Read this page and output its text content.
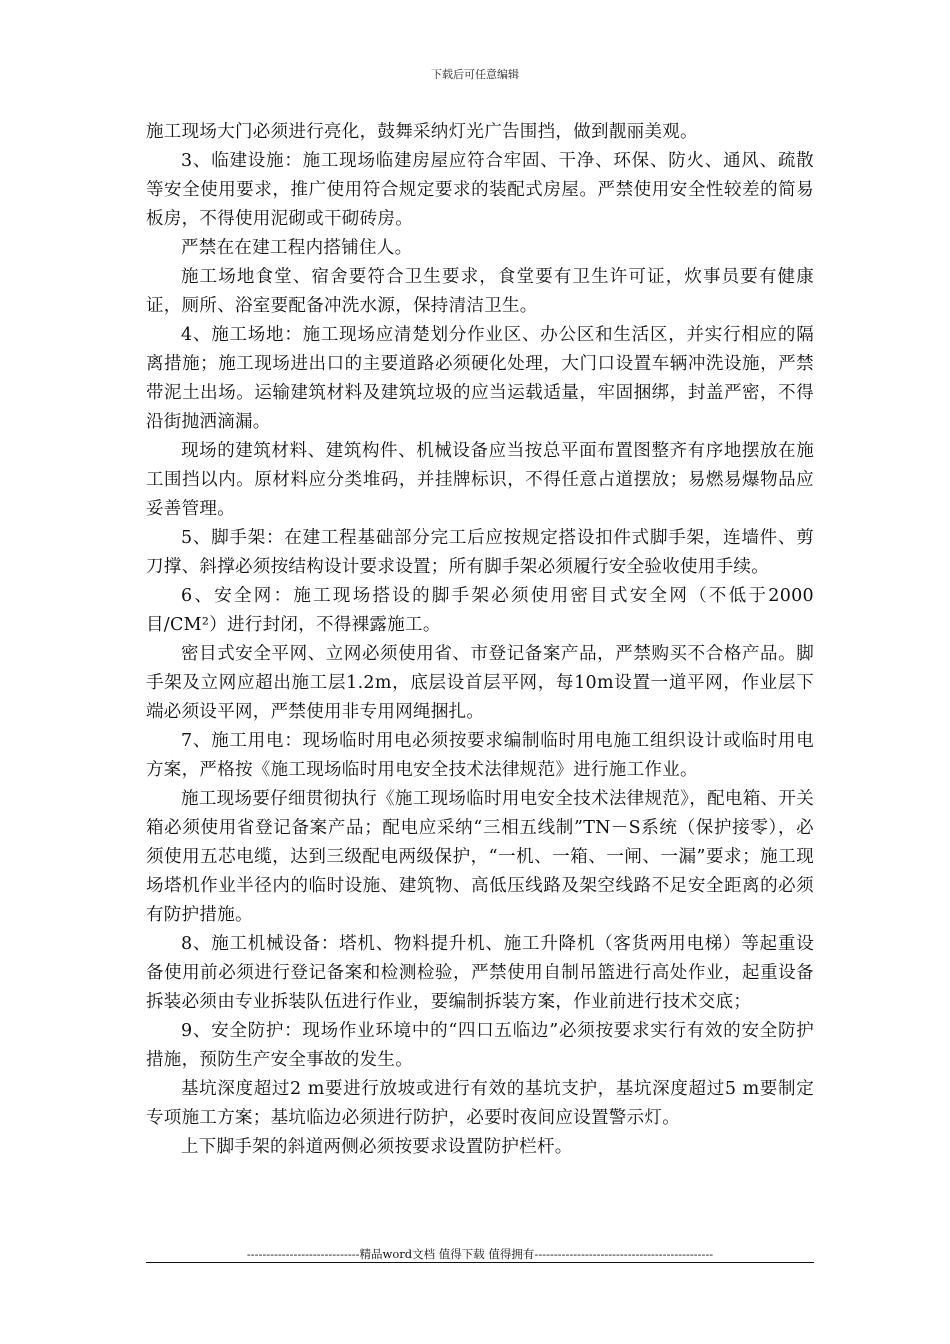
下载后可任意编辑

施工现场大门必须进行亮化，鼓舞采纳灯光广告围挡，做到靓丽美观。

3、临建设施：施工现场临建房屋应符合牢固、干净、环保、防火、通风、疏散等安全使用要求，推广使用符合规定要求的装配式房屋。严禁使用安全性较差的简易板房，不得使用泥砌或干砌砖房。

严禁在在建工程内搭铺住人。

施工场地食堂、宿舍要符合卫生要求，食堂要有卫生许可证，炊事员要有健康证，厕所、浴室要配备冲洗水源，保持清洁卫生。

4、施工场地：施工现场应清楚划分作业区、办公区和生活区，并实行相应的隔离措施；施工现场进出口的主要道路必须硬化处理，大门口设置车辆冲洗设施，严禁带泥土出场。运输建筑材料及建筑垃圾的应当运载适量，牢固捆绑，封盖严密，不得沿街抛洒滴漏。

现场的建筑材料、建筑构件、机械设备应当按总平面布置图整齐有序地摆放在施工围挡以内。原材料应分类堆码，并挂牌标识，不得任意占道摆放；易燃易爆物品应妥善管理。

5、脚手架：在建工程基础部分完工后应按规定搭设扣件式脚手架，连墙件、剪刀撑、斜撑必须按结构设计要求设置；所有脚手架必须履行安全验收使用手续。

6、安全网：施工现场搭设的脚手架必须使用密目式安全网（不低于2000目/CM²）进行封闭，不得裸露施工。

密目式安全平网、立网必须使用省、市登记备案产品，严禁购买不合格产品。脚手架及立网应超出施工层1.2m，底层设首层平网，每10m设置一道平网，作业层下端必须设平网，严禁使用非专用网绳捆扎。

7、施工用电：现场临时用电必须按要求编制临时用电施工组织设计或临时用电方案，严格按《施工现场临时用电安全技术法律规范》进行施工作业。

施工现场要仔细贯彻执行《施工现场临时用电安全技术法律规范》，配电箱、开关箱必须使用省登记备案产品；配电应采纳“三相五线制”TN－S系统（保护接零），必须使用五芯电缆，达到三级配电两级保护，“一机、一箱、一闸、一漏”要求；施工现场塔机作业半径内的临时设施、建筑物、高低压线路及架空线路不足安全距离的必须有防护措施。

8、施工机械设备：塔机、物料提升机、施工升降机（客货两用电梯）等起重设备使用前必须进行登记备案和检测检验，严禁使用自制吊篮进行高处作业，起重设备拆装必须由专业拆装队伍进行作业，要编制拆装方案，作业前进行技术交底；

9、安全防护：现场作业环境中的“四口五临边”必须按要求实行有效的安全防护措施，预防生产安全事故的发生。

基坑深度超过2 m要进行放坡或进行有效的基坑支护，基坑深度超过5 m要制定专项施工方案；基坑临边必须进行防护，必要时夜间应设置警示灯。

上下脚手架的斜道两侧必须按要求设置防护栏杆。

-----------------------------精品word文档 值得下载 值得拥有----------------------------------------------
